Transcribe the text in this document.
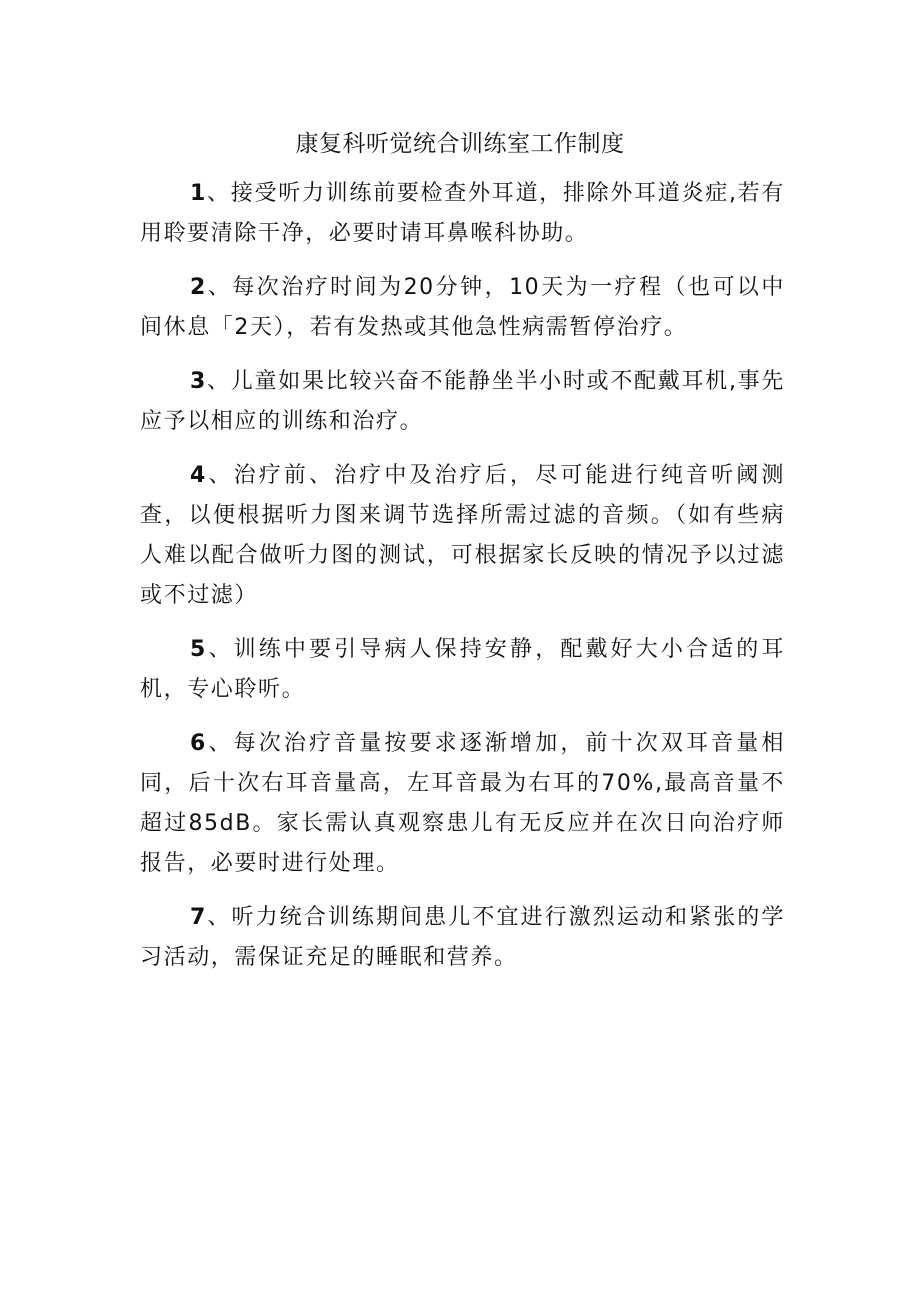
康复科听觉统合训练室工作制度

1、接受听力训练前要检查外耳道，排除外耳道炎症,若有用聆要清除干净，必要时请耳鼻喉科协助。

2、每次治疗时间为20分钟，10天为一疗程（也可以中间休息「2天），若有发热或其他急性病需暂停治疗。

3、儿童如果比较兴奋不能静坐半小时或不配戴耳机,事先应予以相应的训练和治疗。

4、治疗前、治疗中及治疗后，尽可能进行纯音听阈测查，以便根据听力图来调节选择所需过滤的音频。（如有些病人难以配合做听力图的测试，可根据家长反映的情况予以过滤或不过滤）

5、训练中要引导病人保持安静，配戴好大小合适的耳机，专心聆听。

6、每次治疗音量按要求逐渐增加，前十次双耳音量相同，后十次右耳音量高，左耳音最为右耳的70%,最高音量不超过85dB。家长需认真观察患儿有无反应并在次日向治疗师报告，必要时进行处理。

7、听力统合训练期间患儿不宜进行激烈运动和紧张的学习活动，需保证充足的睡眠和营养。
